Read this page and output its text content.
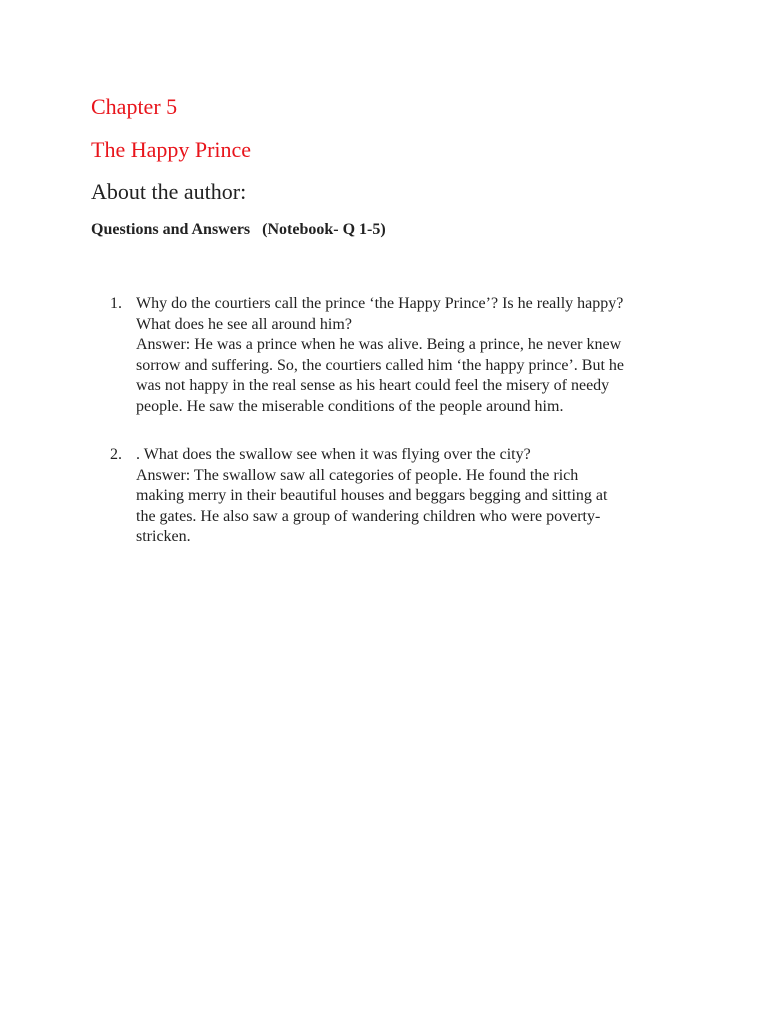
Chapter 5
The Happy Prince
About the author:
Questions and Answers   (Notebook- Q 1-5)
1. Why do the courtiers call the prince ‘the Happy Prince’? Is he really happy?
What does he see all around him?
Answer: He was a prince when he was alive. Being a prince, he never knew
sorrow and suffering. So, the courtiers called him ‘the happy prince’. But he
was not happy in the real sense as his heart could feel the misery of needy
people. He saw the miserable conditions of the people around him.
2. . What does the swallow see when it was flying over the city?
Answer: The swallow saw all categories of people. He found the rich
making merry in their beautiful houses and beggars begging and sitting at
the gates. He also saw a group of wandering children who were poverty-
stricken.
